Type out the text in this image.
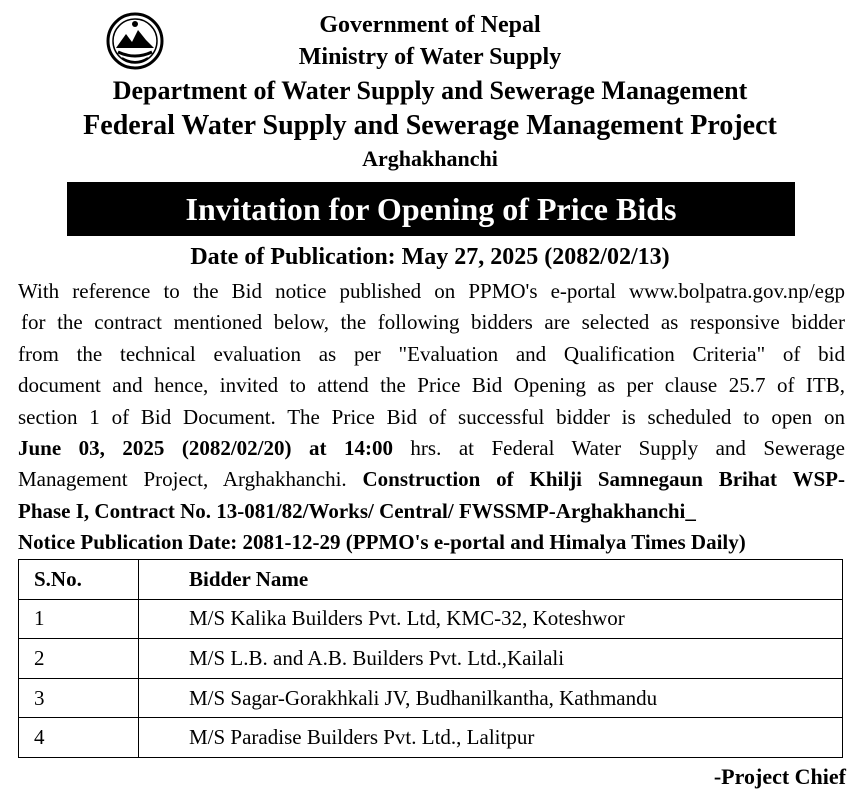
Government of Nepal
Ministry of Water Supply
Department of Water Supply and Sewerage Management
Federal Water Supply and Sewerage Management Project
Arghakhanchi
Invitation for Opening of Price Bids
Date of Publication: May 27, 2025 (2082/02/13)
With reference to the Bid notice published on PPMO's e-portal www.bolpatra.gov.np/egp
for the contract mentioned below, the following bidders are selected as responsive bidder
from the technical evaluation as per "Evaluation and Qualification Criteria" of bid
document and hence, invited to attend the Price Bid Opening as per clause 25.7 of ITB,
section 1 of Bid Document. The Price Bid of successful bidder is scheduled to open on
June 03, 2025 (2082/02/20) at 14:00 hrs. at Federal Water Supply and Sewerage
Management Project, Arghakhanchi. Construction of Khilji Samnegaun Brihat WSP-
Phase I, Contract No. 13-081/82/Works/ Central/ FWSSMP-Arghakhanchi_
Notice Publication Date: 2081-12-29 (PPMO's e-portal and Himalya Times Daily)
S.No.	Bidder Name
1	M/S Kalika Builders Pvt. Ltd, KMC-32, Koteshwor
2	M/S L.B. and A.B. Builders Pvt. Ltd.,Kailali
3	M/S Sagar-Gorakhkali JV, Budhanilkantha, Kathmandu
4	M/S Paradise Builders Pvt. Ltd., Lalitpur
-Project Chief
